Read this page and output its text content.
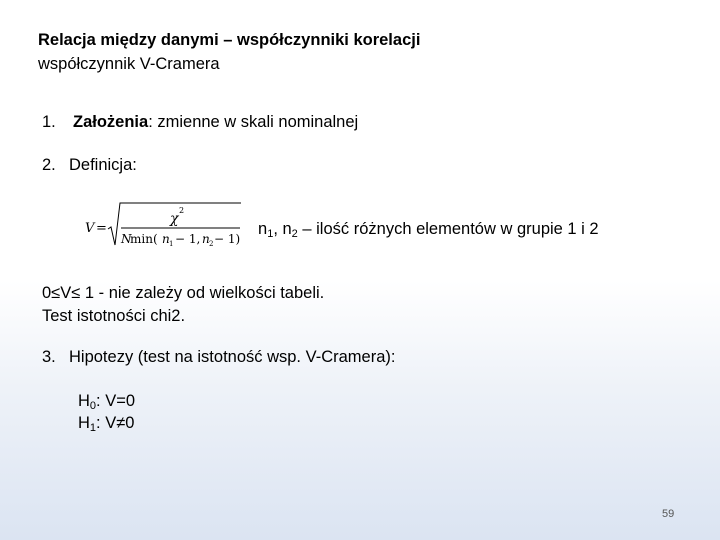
Relacja między danymi – współczynniki korelacji
współczynnik V-Cramera
1. Założenia: zmienne w skali nominalnej
2. Definicja:
V =
χ
2
N
min( n 1 − 1, n 2 − 1)
$n_1$, $n_2$ – ilość różnych elementów w grupie 1 i 2
0≤V≤ 1 - nie zależy od wielkości tabeli.
Test istotności chi2.
3. Hipotezy (test na istotność wsp. V-Cramera):
$H_0$: V=0
$H_1$: V≠0
59
